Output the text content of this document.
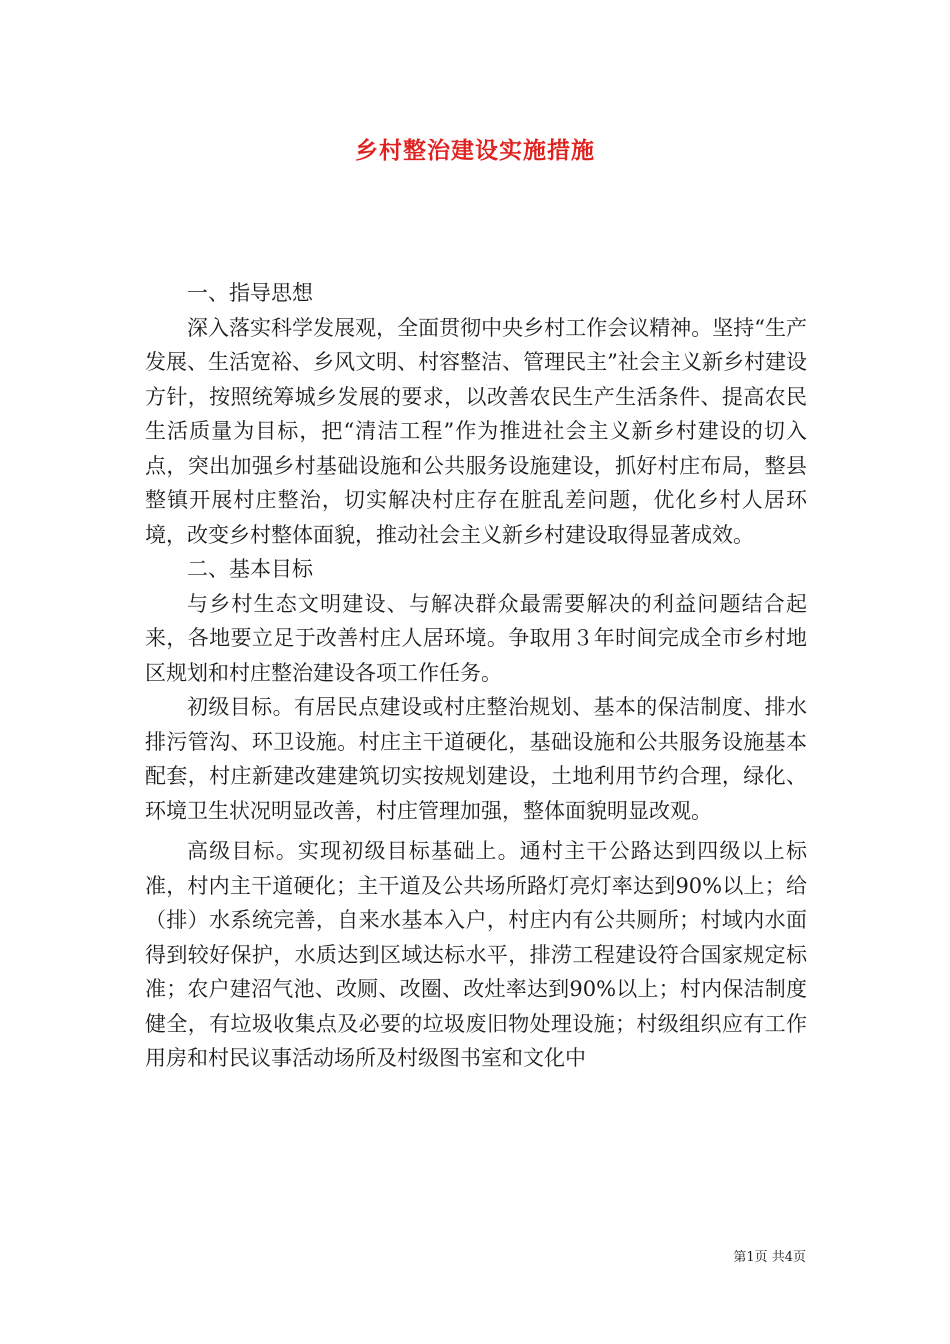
乡村整治建设实施措施

一、指导思想

深入落实科学发展观，全面贯彻中央乡村工作会议精神。坚持“生产发展、生活宽裕、乡风文明、村容整洁、管理民主”社会主义新乡村建设方针，按照统筹城乡发展的要求，以改善农民生产生活条件、提高农民生活质量为目标，把“清洁工程”作为推进社会主义新乡村建设的切入点，突出加强乡村基础设施和公共服务设施建设，抓好村庄布局，整县整镇开展村庄整治，切实解决村庄存在脏乱差问题，优化乡村人居环境，改变乡村整体面貌，推动社会主义新乡村建设取得显著成效。

二、基本目标

与乡村生态文明建设、与解决群众最需要解决的利益问题结合起来，各地要立足于改善村庄人居环境。争取用３年时间完成全市乡村地区规划和村庄整治建设各项工作任务。

初级目标。有居民点建设或村庄整治规划、基本的保洁制度、排水排污管沟、环卫设施。村庄主干道硬化，基础设施和公共服务设施基本配套，村庄新建改建建筑切实按规划建设，土地利用节约合理，绿化、环境卫生状况明显改善，村庄管理加强，整体面貌明显改观。

高级目标。实现初级目标基础上。通村主干公路达到四级以上标准，村内主干道硬化；主干道及公共场所路灯亮灯率达到90%以上；给（排）水系统完善，自来水基本入户，村庄内有公共厕所；村域内水面得到较好保护，水质达到区域达标水平，排涝工程建设符合国家规定标准；农户建沼气池、改厕、改圈、改灶率达到90%以上；村内保洁制度健全，有垃圾收集点及必要的垃圾废旧物处理设施；村级组织应有工作用房和村民议事活动场所及村级图书室和文化中

第1页 共4页
